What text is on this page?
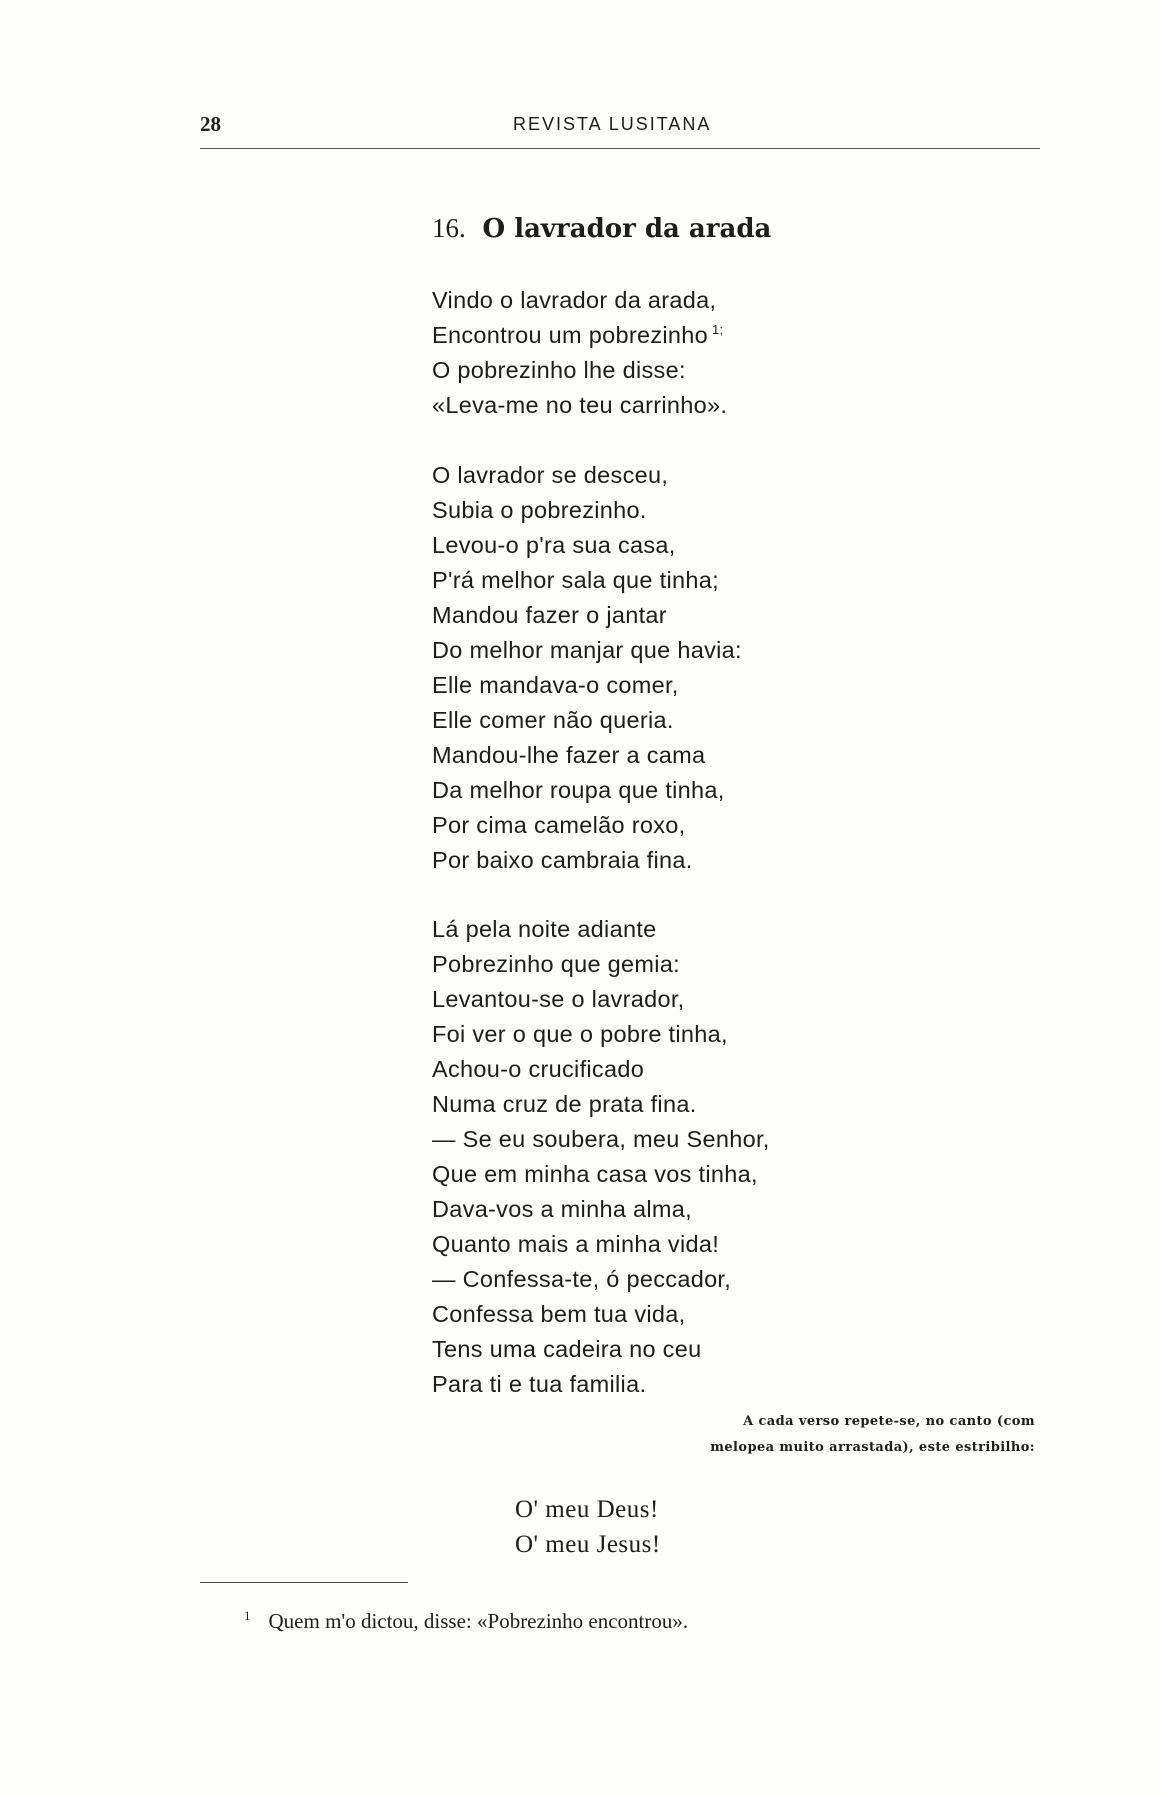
28	REVISTA LUSITANA
16. O lavrador da arada
Vindo o lavrador da arada,
Encontrou um pobrezinho $^{1;}$
O pobrezinho lhe disse:
«Leva-me no teu carrinho».
O lavrador se desceu,
Subia o pobrezinho.
Levou-o p'ra sua casa,
P'rá melhor sala que tinha;
Mandou fazer o jantar
Do melhor manjar que havia:
Elle mandava-o comer,
Elle comer não queria.
Mandou-lhe fazer a cama
Da melhor roupa que tinha,
Por cima camelão roxo,
Por baixo cambraia fina.
Lá pela noite adiante
Pobrezinho que gemia:
Levantou-se o lavrador,
Foi ver o que o pobre tinha,
Achou-o crucificado
Numa cruz de prata fina.
— Se eu soubera, meu Senhor,
Que em minha casa vos tinha,
Dava-vos a minha alma,
Quanto mais a minha vida!
— Confessa-te, ó peccador,
Confessa bem tua vida,
Tens uma cadeira no ceu
Para ti e tua familia.
A cada verso repete-se, no canto (com
melopea muito arrastada), este estribilho:
O' meu Deus!
O' meu Jesus!
$^1$ Quem m'o dictou, disse: «Pobrezinho encontrou».
